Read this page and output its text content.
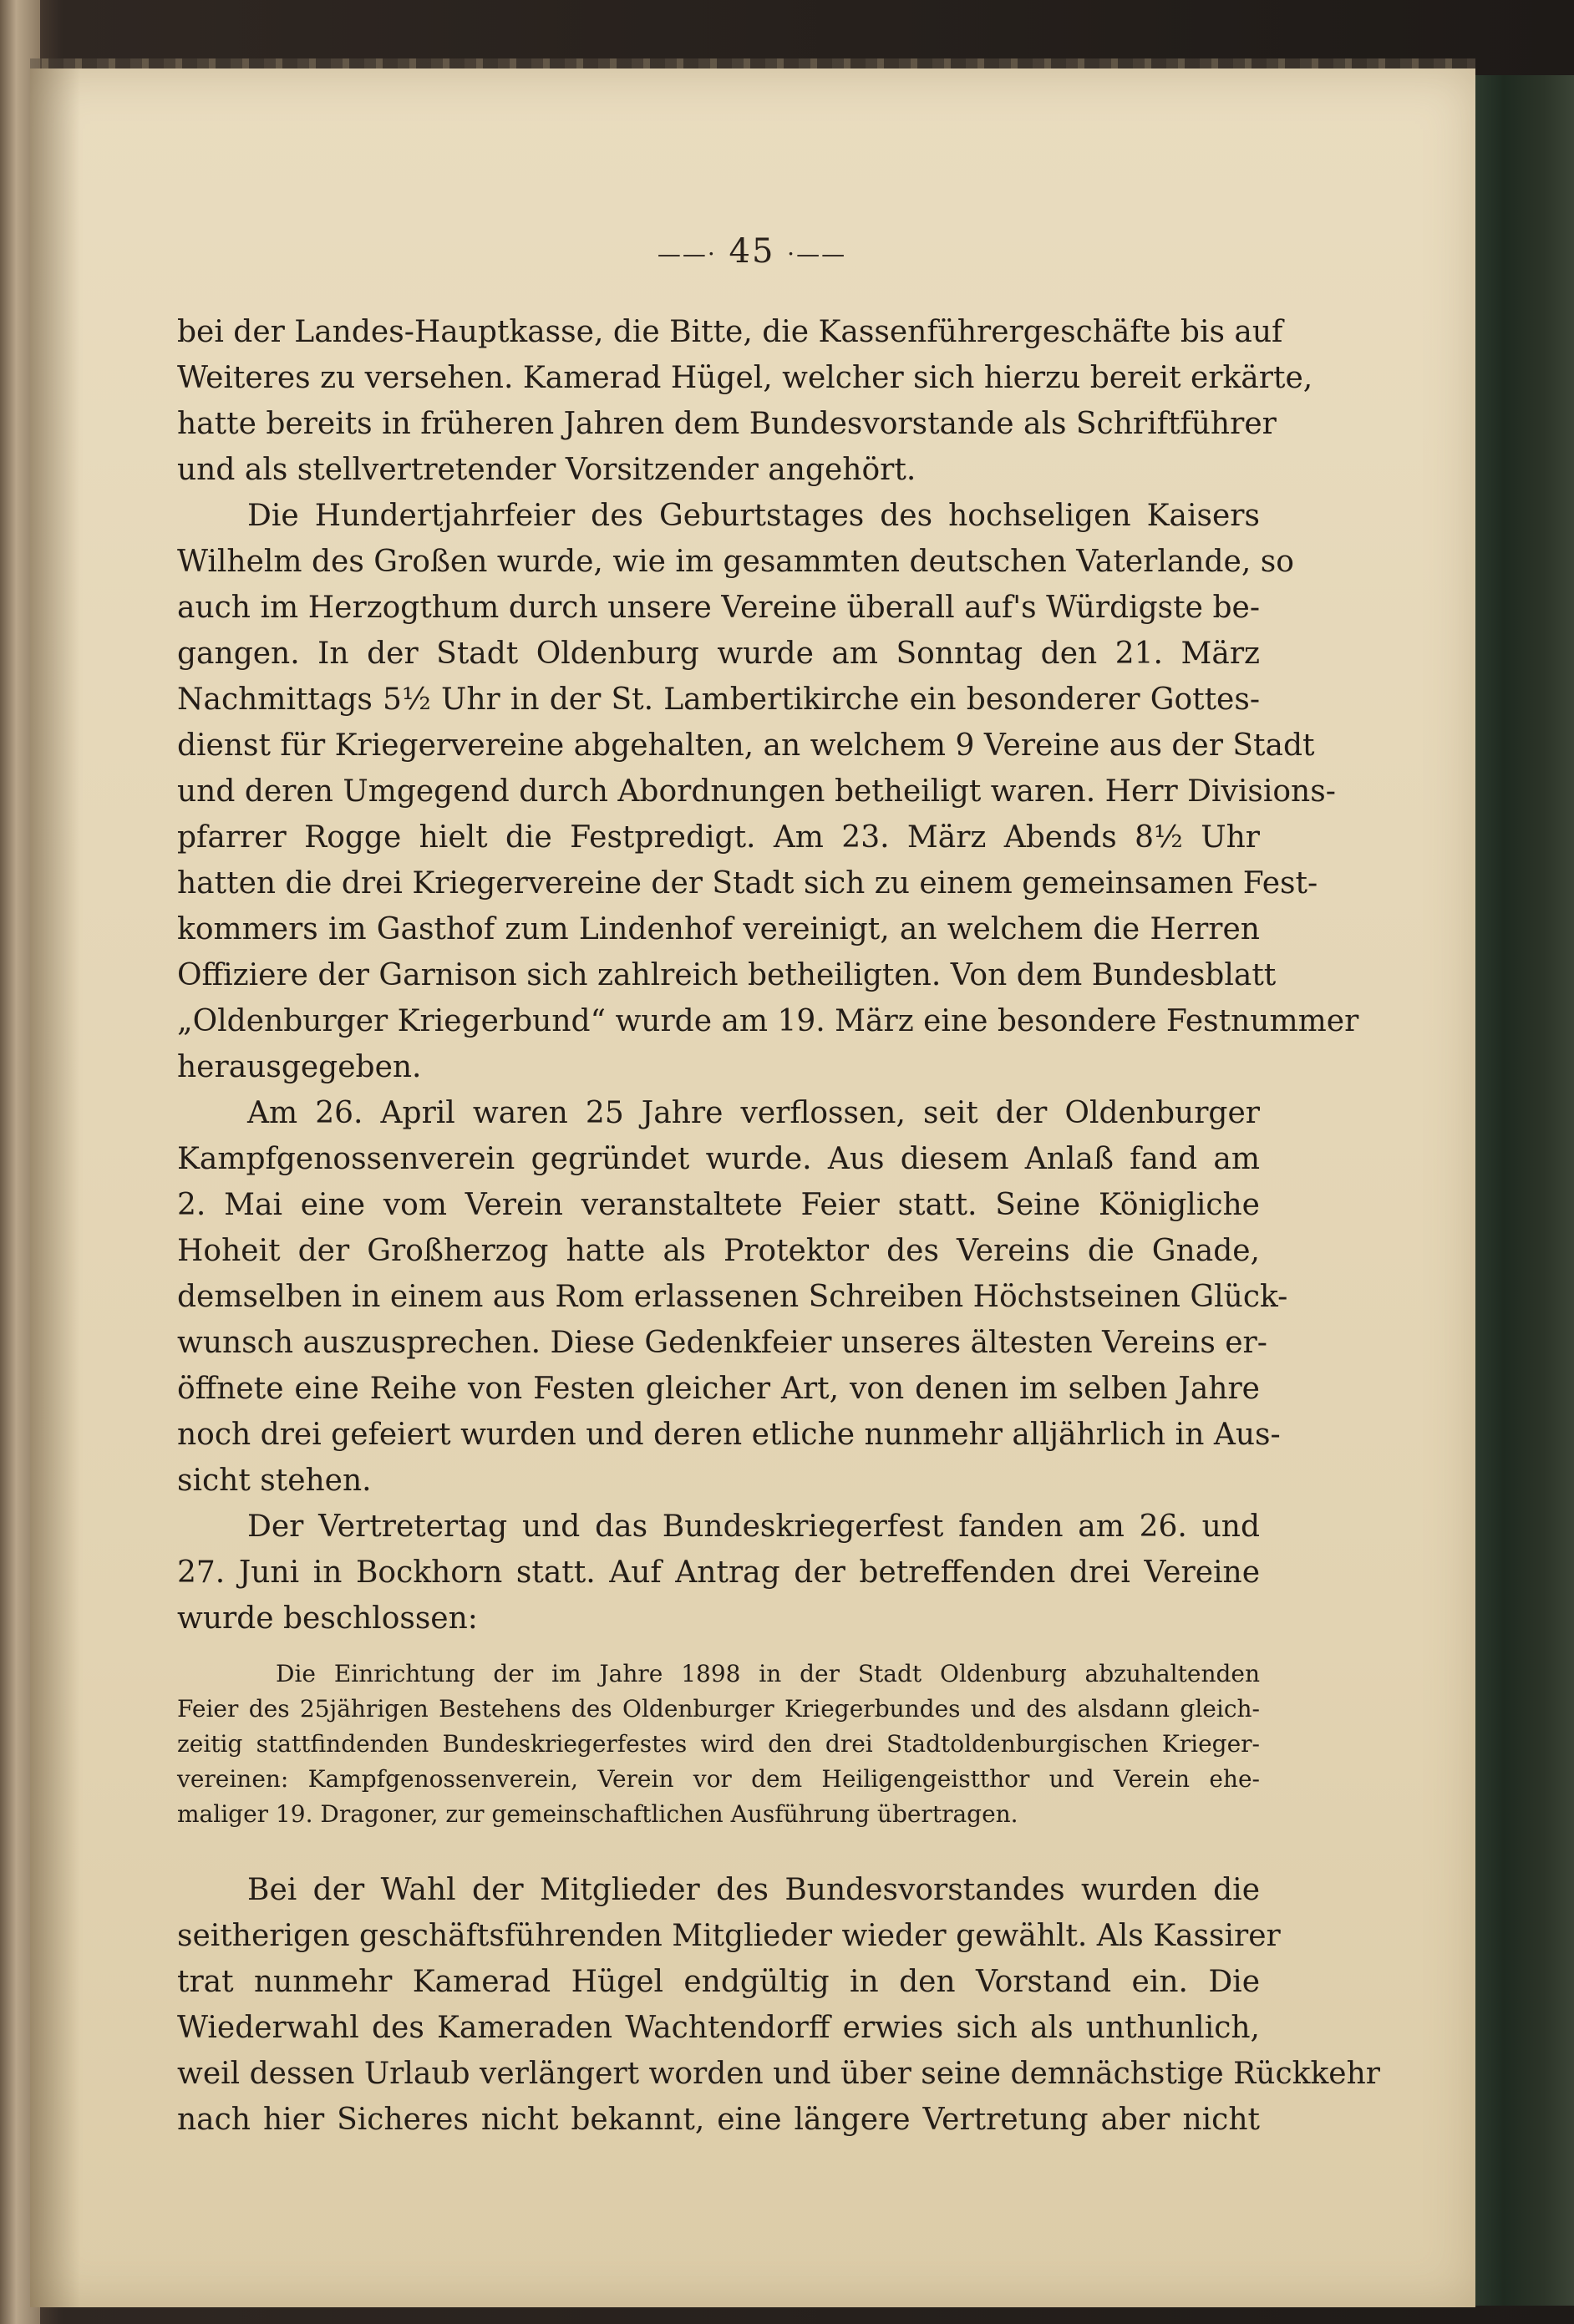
——· 45 ·——
bei der Landes-Hauptkasse, die Bitte, die Kassenführergeschäfte bis auf
Weiteres zu versehen. Kamerad Hügel, welcher sich hierzu bereit erkärte,
hatte bereits in früheren Jahren dem Bundesvorstande als Schriftführer
und als stellvertretender Vorsitzender angehört.
Die Hundertjahrfeier des Geburtstages des hochseligen Kaisers
Wilhelm des Großen wurde, wie im gesammten deutschen Vaterlande, so
auch im Herzogthum durch unsere Vereine überall auf's Würdigste be-
gangen. In der Stadt Oldenburg wurde am Sonntag den 21. März
Nachmittags 5½ Uhr in der St. Lambertikirche ein besonderer Gottes-
dienst für Kriegervereine abgehalten, an welchem 9 Vereine aus der Stadt
und deren Umgegend durch Abordnungen betheiligt waren. Herr Divisions-
pfarrer Rogge hielt die Festpredigt. Am 23. März Abends 8½ Uhr
hatten die drei Kriegervereine der Stadt sich zu einem gemeinsamen Fest-
kommers im Gasthof zum Lindenhof vereinigt, an welchem die Herren
Offiziere der Garnison sich zahlreich betheiligten. Von dem Bundesblatt
„Oldenburger Kriegerbund“ wurde am 19. März eine besondere Festnummer
herausgegeben.
Am 26. April waren 25 Jahre verflossen, seit der Oldenburger
Kampfgenossenverein gegründet wurde. Aus diesem Anlaß fand am
2. Mai eine vom Verein veranstaltete Feier statt. Seine Königliche
Hoheit der Großherzog hatte als Protektor des Vereins die Gnade,
demselben in einem aus Rom erlassenen Schreiben Höchstseinen Glück-
wunsch auszusprechen. Diese Gedenkfeier unseres ältesten Vereins er-
öffnete eine Reihe von Festen gleicher Art, von denen im selben Jahre
noch drei gefeiert wurden und deren etliche nunmehr alljährlich in Aus-
sicht stehen.
Der Vertretertag und das Bundeskriegerfest fanden am 26. und
27. Juni in Bockhorn statt. Auf Antrag der betreffenden drei Vereine
wurde beschlossen:
Die Einrichtung der im Jahre 1898 in der Stadt Oldenburg abzuhaltenden
Feier des 25jährigen Bestehens des Oldenburger Kriegerbundes und des alsdann gleich-
zeitig stattfindenden Bundeskriegerfestes wird den drei Stadtoldenburgischen Krieger-
vereinen: Kampfgenossenverein, Verein vor dem Heiligengeistthor und Verein ehe-
maliger 19. Dragoner, zur gemeinschaftlichen Ausführung übertragen.
Bei der Wahl der Mitglieder des Bundesvorstandes wurden die
seitherigen geschäftsführenden Mitglieder wieder gewählt. Als Kassirer
trat nunmehr Kamerad Hügel endgültig in den Vorstand ein. Die
Wiederwahl des Kameraden Wachtendorff erwies sich als unthunlich,
weil dessen Urlaub verlängert worden und über seine demnächstige Rückkehr
nach hier Sicheres nicht bekannt, eine längere Vertretung aber nicht
